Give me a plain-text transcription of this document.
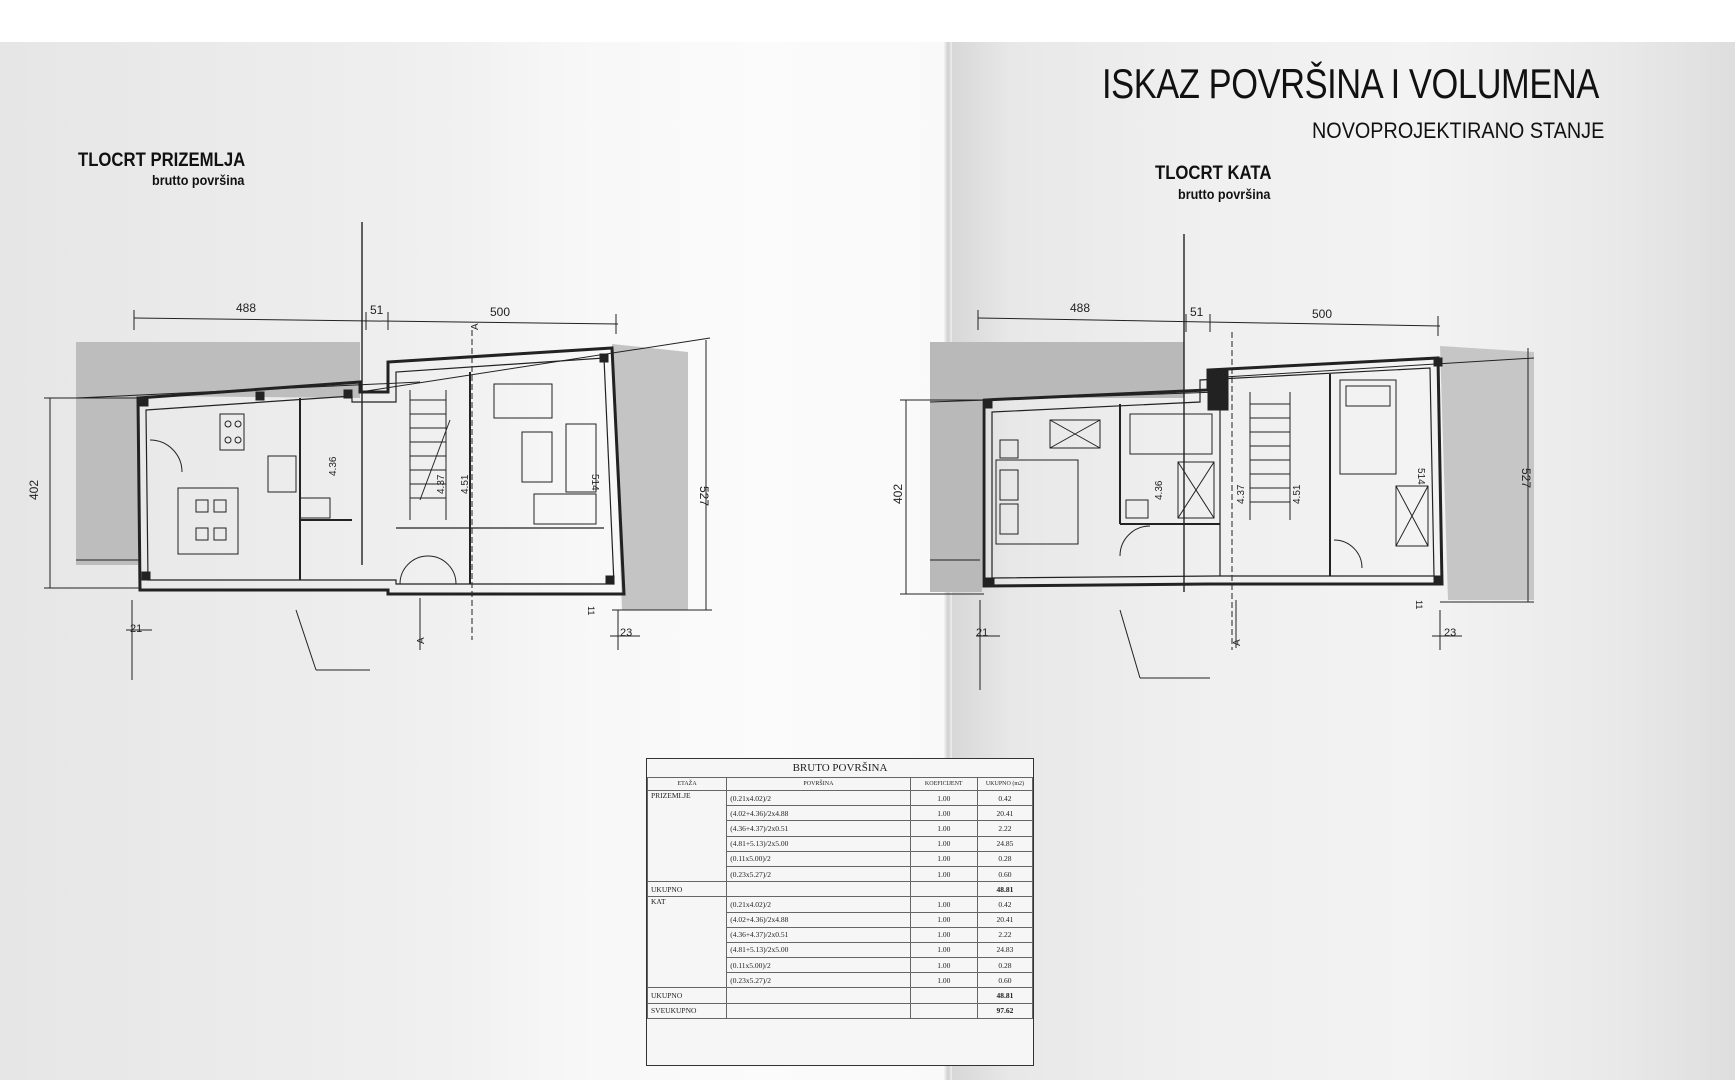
ISKAZ POVRŠINA I VOLUMENA
NOVOPROJEKTIRANO STANJE
TLOCRT PRIZEMLJA
brutto površina	TLOCRT KATA
brutto površina
488	51	500
402	527
4.36
4.37 4.51	514
21
11
23
A
A
488	51	500
402
527
4.36	4.37	4.51
514
21
11
23
A
BRUTO POVRŠINA
ETAŽA	POVRŠINA	KOEFICIJENT	UKUPNO (m2)
PRIZEMLJE	(0.21x4.02)/2	1.00	0.42
	(4.02+4.36)/2x4.88	1.00	20.41
	(4.36+4.37)/2x0.51	1.00	2.22
	(4.81+5.13)/2x5.00	1.00	24.85
	(0.11x5.00)/2	1.00	0.28
	(0.23x5.27)/2	1.00	0.60
UKUPNO			48.81
KAT	(0.21x4.02)/2	1.00	0.42
	(4.02+4.36)/2x4.88	1.00	20.41
	(4.36+4.37)/2x0.51	1.00	2.22
	(4.81+5.13)/2x5.00	1.00	24.83
	(0.11x5.00)/2	1.00	0.28
	(0.23x5.27)/2	1.00	0.60
UKUPNO			48.81
SVEUKUPNO			97.62
